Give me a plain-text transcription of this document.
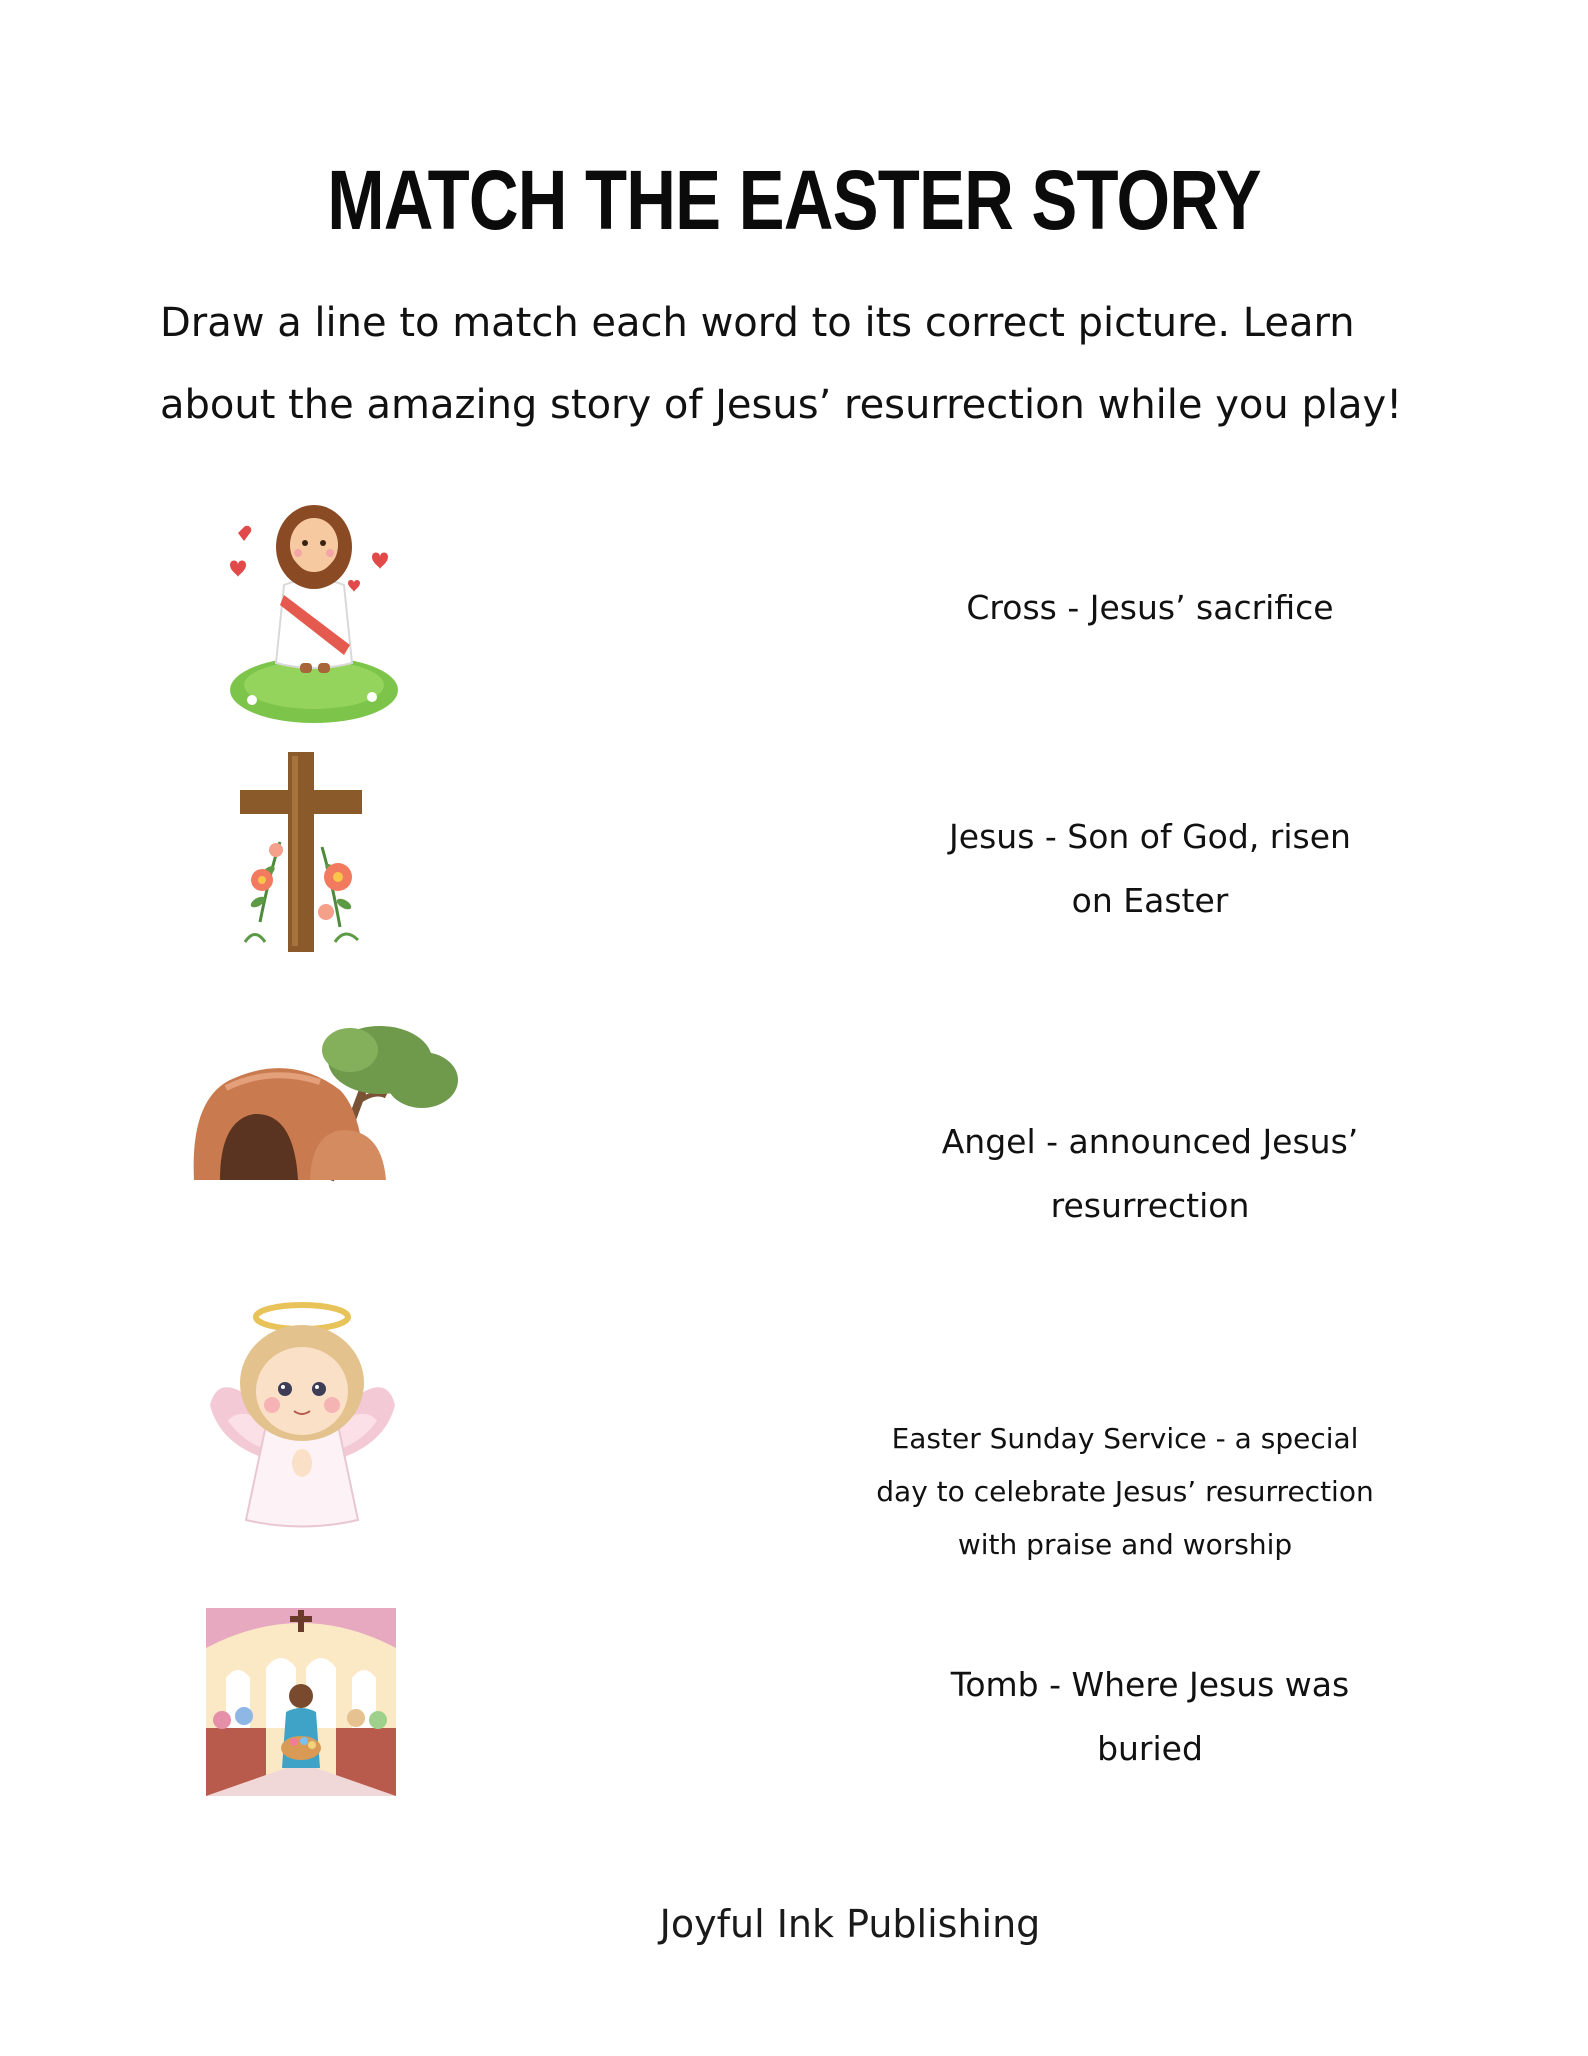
MATCH THE EASTER STORY
Draw a line to match each word to its correct picture. Learn
about the amazing story of Jesus’ resurrection while you play!
Cross - Jesus’ sacrifice
Jesus - Son of God, risen
on Easter
Angel - announced Jesus’
resurrection
Easter Sunday Service - a special
day to celebrate Jesus’ resurrection
with praise and worship
Tomb - Where Jesus was
buried
Joyful Ink Publishing
